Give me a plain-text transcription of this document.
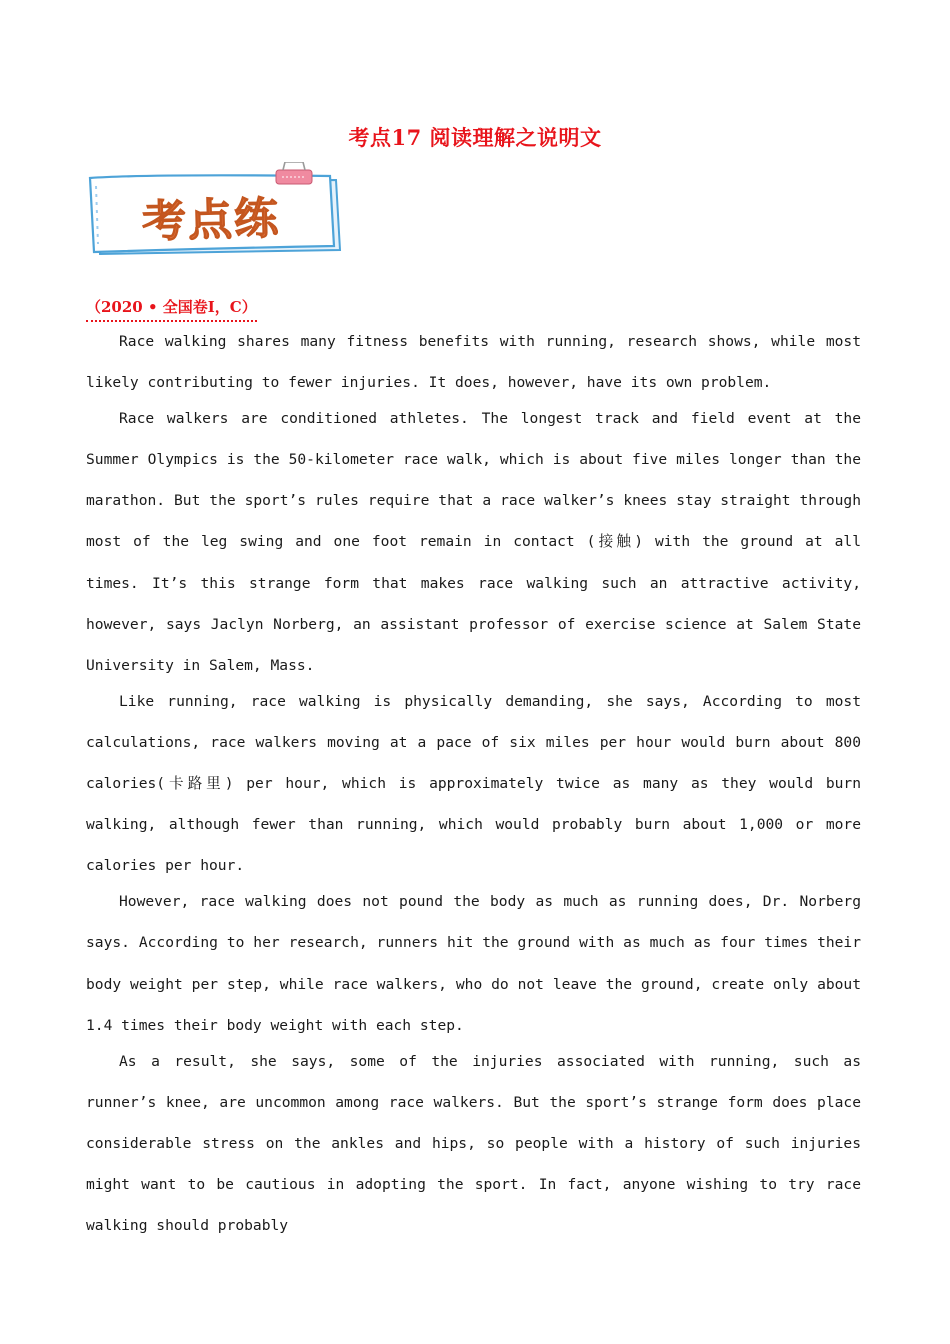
考点17 阅读理解之说明文
考点练
（2020 • 全国卷Ⅰ，C）

Race walking shares many fitness benefits with running, research shows, while most likely contributing to fewer injuries. It does, however, have its own problem.

Race walkers are conditioned athletes. The longest track and field event at the Summer Olympics is the 50-kilometer race walk, which is about five miles longer than the marathon. But the sport’s rules require that a race walker’s knees stay straight through most of the leg swing and one foot remain in contact (接触) with the ground at all times. It’s this strange form that makes race walking such an attractive activity, however, says Jaclyn Norberg, an assistant professor of exercise science at Salem State University in Salem, Mass.

Like running, race walking is physically demanding, she says, According to most calculations, race walkers moving at a pace of six miles per hour would burn about 800 calories(卡路里) per hour, which is approximately twice as many as they would burn walking, although fewer than running, which would probably burn about 1,000 or more calories per hour.

However, race walking does not pound the body as much as running does, Dr. Norberg says. According to her research, runners hit the ground with as much as four times their body weight per step, while race walkers, who do not leave the ground, create only about 1.4 times their body weight with each step.

As a result, she says, some of the injuries associated with running, such as runner’s knee, are uncommon among race walkers. But the sport’s strange form does place considerable stress on the ankles and hips, so people with a history of such injuries might want to be cautious in adopting the sport. In fact, anyone wishing to try race walking should probably
